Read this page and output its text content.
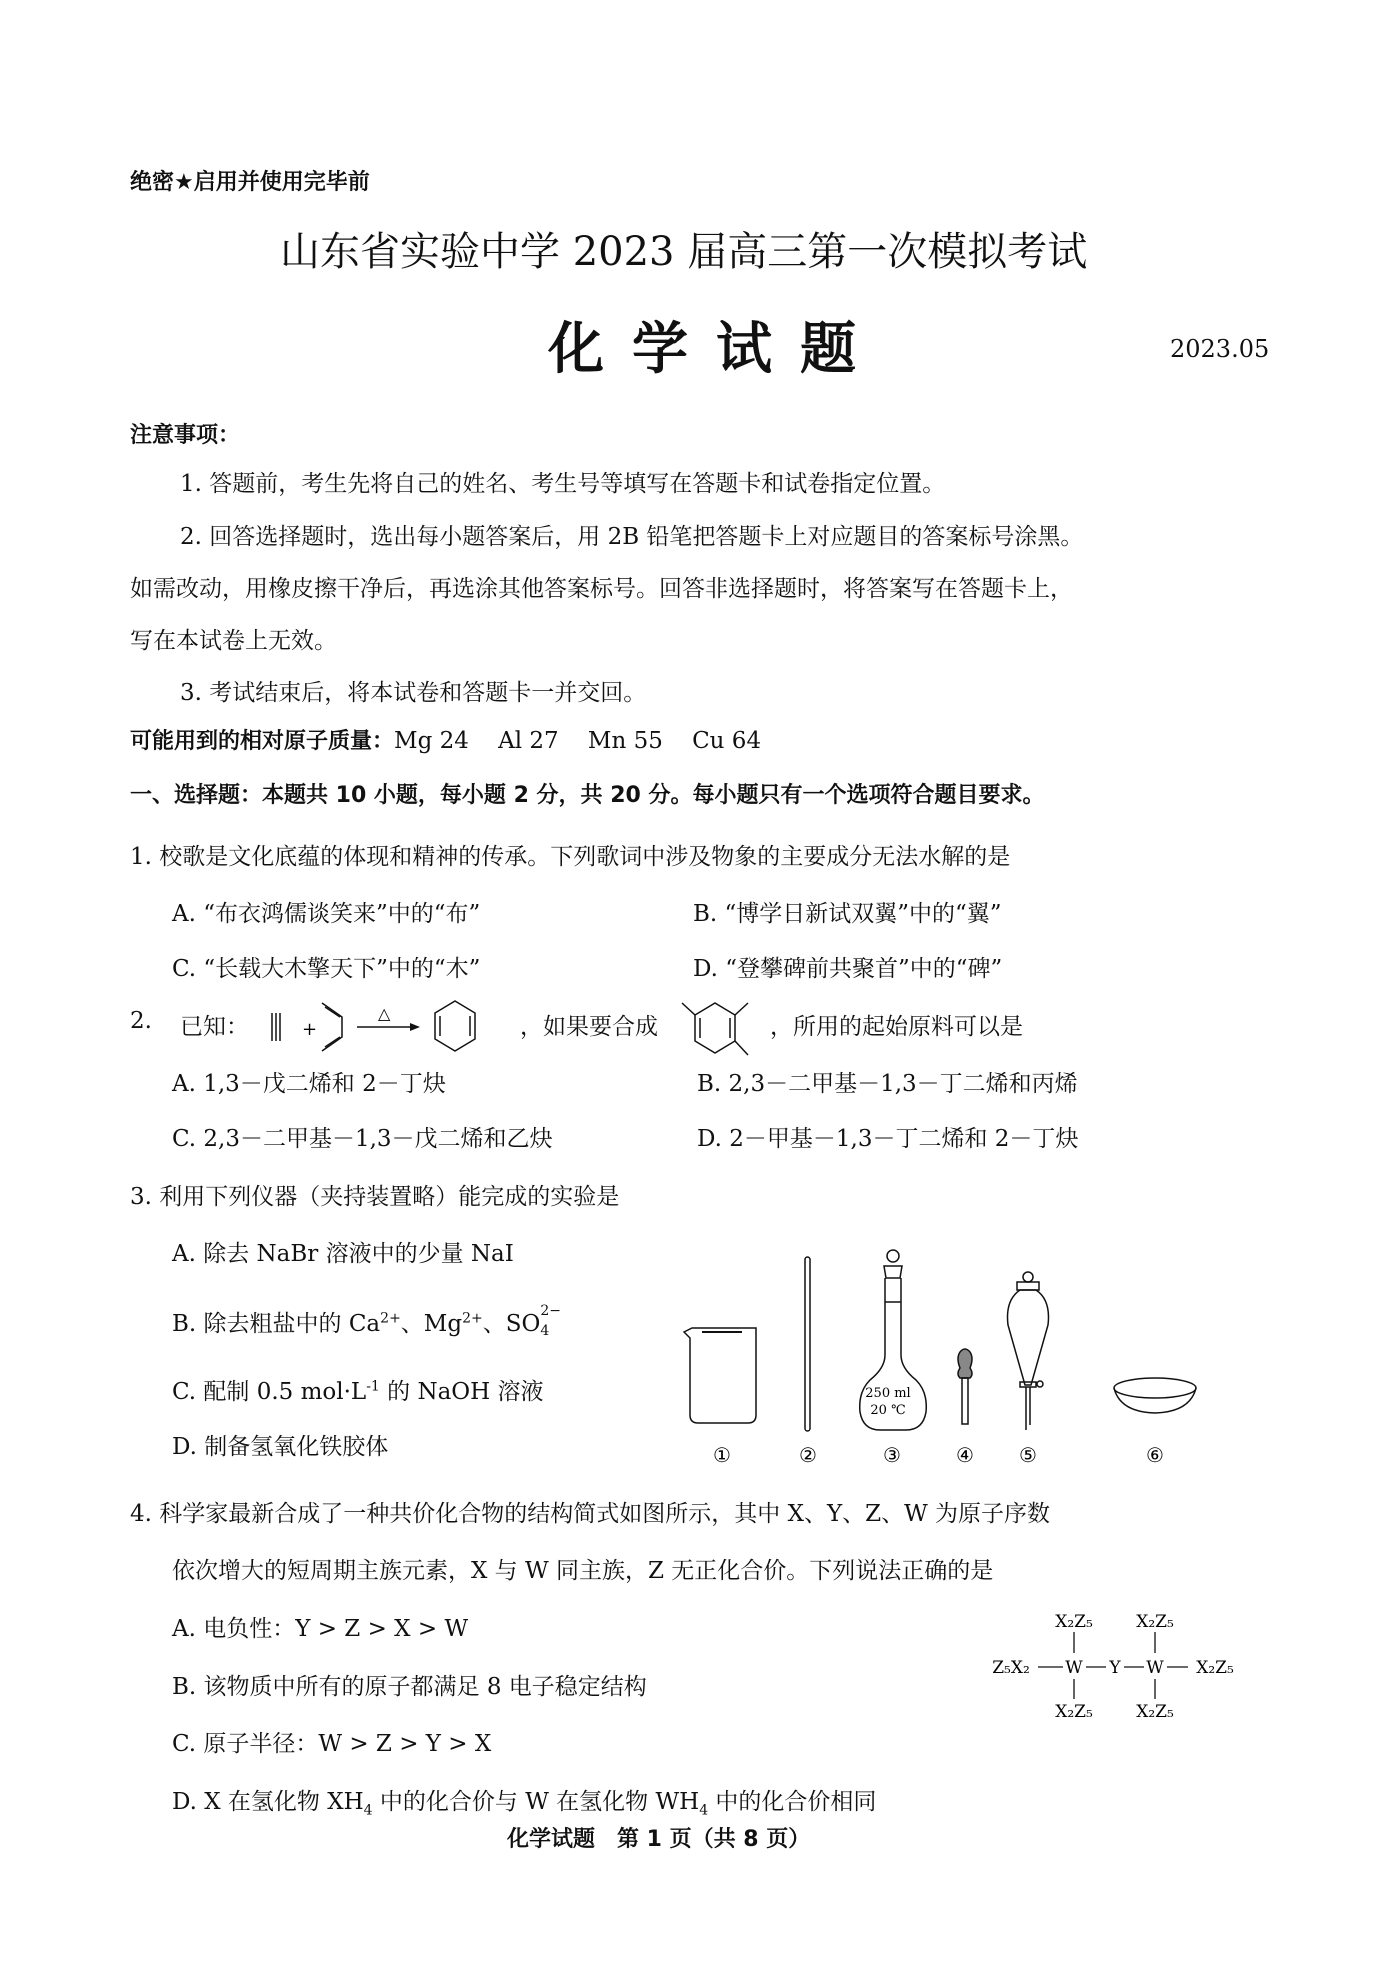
绝密★启用并使用完毕前
山东省实验中学 2023 届高三第一次模拟考试
化学试题	2023.05
注意事项：
1. 答题前，考生先将自己的姓名、考生号等填写在答题卡和试卷指定位置。
2. 回答选择题时，选出每小题答案后，用 2B 铅笔把答题卡上对应题目的答案标号涂黑。
如需改动，用橡皮擦干净后，再选涂其他答案标号。回答非选择题时，将答案写在答题卡上，
写在本试卷上无效。
3. 考试结束后，将本试卷和答题卡一并交回。
可能用到的相对原子质量：Mg 24    Al 27    Mn 55    Cu 64
一、选择题：本题共 10 小题，每小题 2 分，共 20 分。每小题只有一个选项符合题目要求。
1. 校歌是文化底蕴的体现和精神的传承。下列歌词中涉及物象的主要成分无法水解的是
A. “布衣鸿儒谈笑来”中的“布”	B. “博学日新试双翼”中的“翼”
C. “长载大木擎天下”中的“木”	D. “登攀碑前共聚首”中的“碑”
2. 已知：	+
△
，如果要合成	，所用的起始原料可以是
A. 1,3－戊二烯和 2－丁炔	B. 2,3－二甲基－1,3－丁二烯和丙烯
C. 2,3－二甲基－1,3－戊二烯和乙炔	D. 2－甲基－1,3－丁二烯和 2－丁炔
3. 利用下列仪器（夹持装置略）能完成的实验是
A. 除去 NaBr 溶液中的少量 NaI
B. 除去粗盐中的 $Ca^{2+}$、$Mg^{2+}$、SO 2−
4
C. 配制 0.5 $mol\cdot L^{-1}$ 的 NaOH 溶液
D. 制备氢氧化铁胶体
250 ml
20 ℃
①	②	③	④ ⑤	⑥
4. 科学家最新合成了一种共价化合物的结构简式如图所示，其中 X、Y、Z、W 为原子序数
依次增大的短周期主族元素，X 与 W 同主族，Z 无正化合价。下列说法正确的是
A. 电负性：Y > Z > X > W
B. 该物质中所有的原子都满足 8 电子稳定结构
C. 原子半径：W > Z > Y > X
D. X 在氢化物 $XH_4$ 中的化合价与 W 在氢化物 $WH_4$ 中的化合价相同
X₂Z₅	X₂Z₅
Z₅X₂ W Y W X₂Z₅
X₂Z₅	X₂Z₅
化学试题　第 1 页（共 8 页）
